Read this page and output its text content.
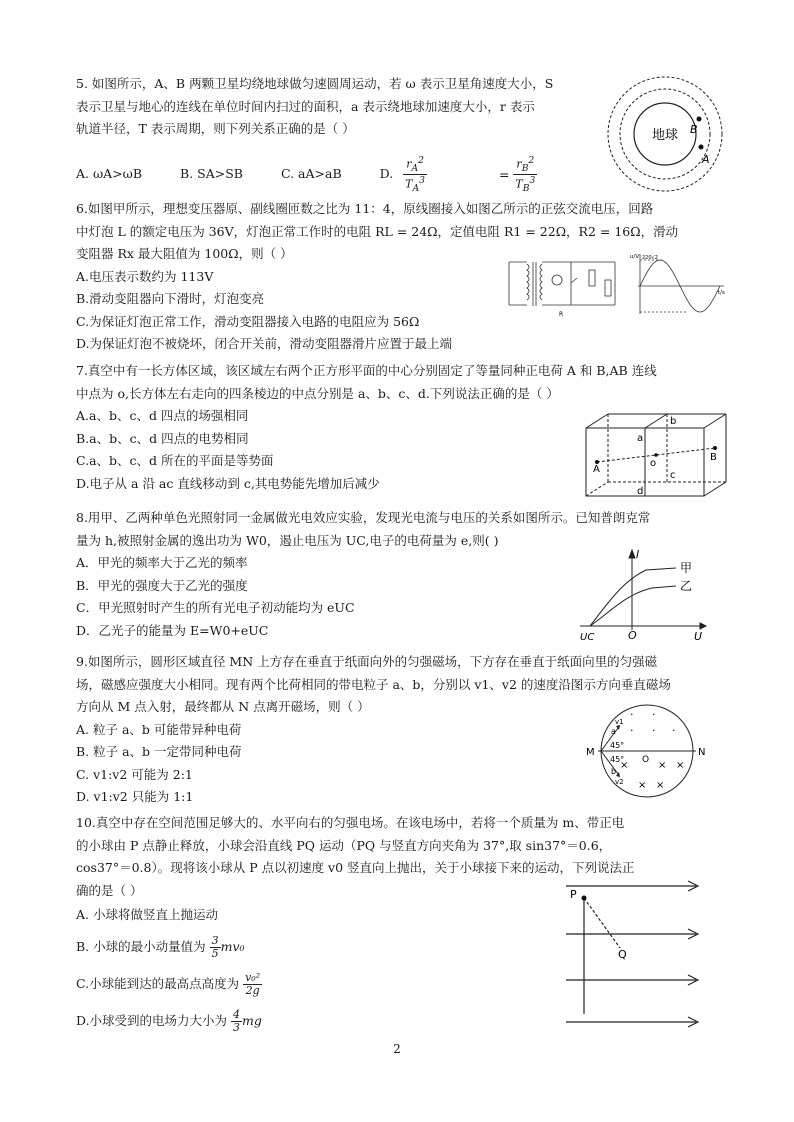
5. 如图所示，A、B 两颗卫星均绕地球做匀速圆周运动，若 ω 表示卫星角速度大小，S

表示卫星与地心的连线在单位时间内扫过的面积，a 表示绕地球加速度大小，r 表示

轨道半径，T 表示周期，则下列关系正确的是（ ）

A. ωA>ωB	B. SA>SB	C. aA>aB	D. $\frac{r_A^2}{T_A^3}$	= $\frac{r_B^2}{T_B^3}$
地球 B
A

6.如图甲所示，理想变压器原、副线圈匝数之比为 11：4，原线圈接入如图乙所示的正弦交流电压，回路

中灯泡 L 的额定电压为 36V，灯泡正常工作时的电阻 RL = 24Ω，定值电阻 R1 = 22Ω，R2 = 16Ω，滑动

变阻器 Rx 最大阻值为 100Ω，则（ ）

A.电压表示数约为 113V

B.滑动变阻器向下滑时，灯泡变亮

C.为保证灯泡正常工作，滑动变阻器接入电路的电阻应为 56Ω

D.为保证灯泡不被烧坏，闭合开关前，滑动变阻器滑片应置于最上端

R
u/V 220√2
t/s

7.真空中有一长方体区域，该区域左右两个正方形平面的中心分别固定了等量同种正电荷 A 和 B,AB 连线

中点为 o,长方体左右走向的四条棱边的中点分别是 a、b、c、d.下列说法正确的是（ ）

A.a、b、c、d 四点的场强相同

B.a、b、c、d 四点的电势相同

C.a、b、c、d 所在的平面是等势面

D.电子从 a 沿 ac 直线移动到 c,其电势能先增加后减少

A
B
o
a
b
c
d

8.用甲、乙两种单色光照射同一金属做光电效应实验，发现光电流与电压的关系如图所示。已知普朗克常

量为 h,被照射金属的逸出功为 W0，遏止电压为 UC,电子的电荷量为 e,则( )

A．甲光的频率大于乙光的频率

B．甲光的强度大于乙光的强度

C．甲光照射时产生的所有光电子初动能均为 eUC

D．乙光子的能量为 E=W0+eUC

I
U
O
UC
甲
乙

9.如图所示，圆形区域直径 MN 上方存在垂直于纸面向外的匀强磁场，下方存在垂直于纸面向里的匀强磁

场，磁感应强度大小相同。现有两个比荷相同的带电粒子 a、b，分别以 v1、v2 的速度沿图示方向垂直磁场

方向从 M 点入射，最终都从 N 点离开磁场，则（ ）

A. 粒子 a、b 可能带异种电荷

B. 粒子 a、b 一定带同种电荷

C. v1:v2 可能为 2:1

D. v1:v2 只能为 1:1

M	N
a
v1
b
v2
45°
45° O
· ·
· · ·
×	× ×
× ×

10.真空中存在空间范围足够大的、水平向右的匀强电场。在该电场中，若将一个质量为 m、带正电

的小球由 P 点静止释放，小球会沿直线 PQ 运动（PQ 与竖直方向夹角为 37°,取 sin37°＝0.6，

cos37°＝0.8）。现将该小球从 P 点以初速度 v0 竖直向上抛出，关于小球接下来的运动，下列说法正

确的是（ ）

A. 小球将做竖直上抛运动

B. 小球的最小动量值为 $\frac{3}{5} mv_0$

C.小球能到达的最高点高度为 $\frac{\text{v₀²}}{2g}$

D.小球受到的电场力大小为 $\frac{4}{3}$ mg

P
Q
2
